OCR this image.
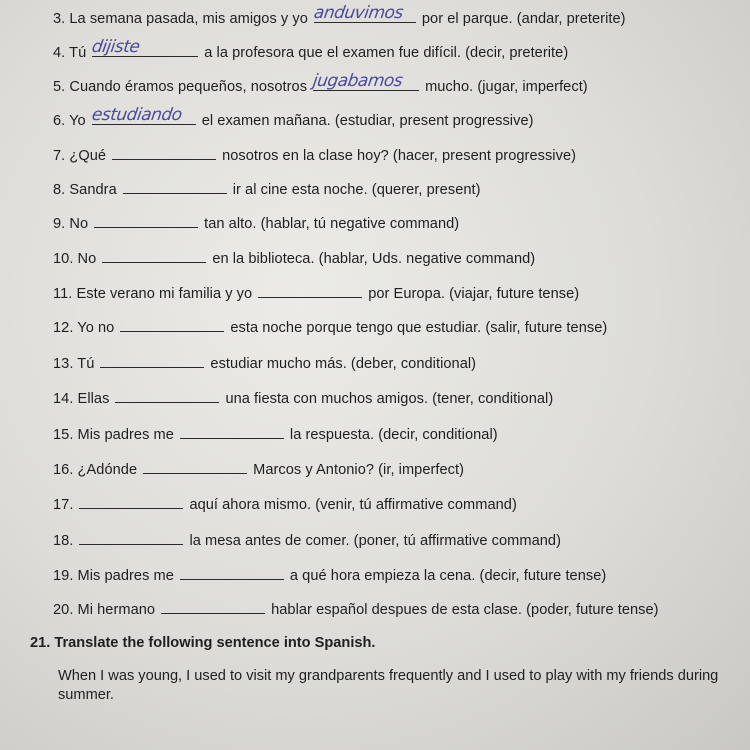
3. La semana pasada, mis amigos y yo anduvimos por el parque. (andar, preterite)
4. Tú dijiste	a la profesora que el examen fue difícil. (decir, preterite)
5. Cuando éramos pequeños, nosotros jugabamos mucho. (jugar, imperfect)
6. Yo estudiando el examen mañana. (estudiar, present progressive)
7. ¿Qué	nosotros en la clase hoy? (hacer, present progressive)
8. Sandra	ir al cine esta noche. (querer, present)
9. No	tan alto. (hablar, tú negative command)
10. No	en la biblioteca. (hablar, Uds. negative command)
11. Este verano mi familia y yo	por Europa. (viajar, future tense)
12. Yo no	esta noche porque tengo que estudiar. (salir, future tense)
13. Tú	estudiar mucho más. (deber, conditional)
14. Ellas	una fiesta con muchos amigos. (tener, conditional)
15. Mis padres me	la respuesta. (decir, conditional)
16. ¿Adónde	Marcos y Antonio? (ir, imperfect)
17.	aquí ahora mismo. (venir, tú affirmative command)
18.	la mesa antes de comer. (poner, tú affirmative command)
19. Mis padres me	a qué hora empieza la cena. (decir, future tense)
20. Mi hermano	hablar español despues de esta clase. (poder, future tense)
21. Translate the following sentence into Spanish.
When I was young, I used to visit my grandparents frequently and I used to play with my friends during summer.
